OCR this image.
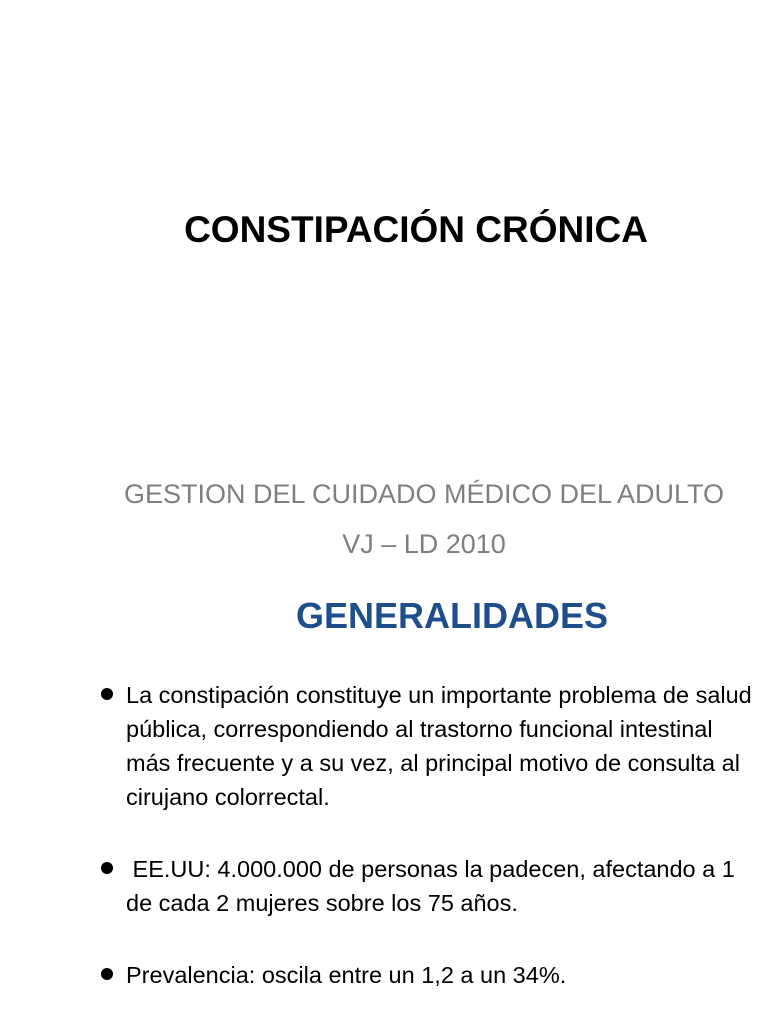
CONSTIPACIÓN CRÓNICA
GESTION DEL CUIDADO MÉDICO DEL ADULTO
VJ – LD 2010
GENERALIDADES
La constipación constituye un importante problema de salud pública, correspondiendo al trastorno funcional intestinal más frecuente y a su vez, al principal motivo de consulta al cirujano colorrectal.
EE.UU: 4.000.000 de personas la padecen, afectando a 1 de cada 2 mujeres sobre los 75 años.
Prevalencia: oscila entre un 1,2 a un 34%.
